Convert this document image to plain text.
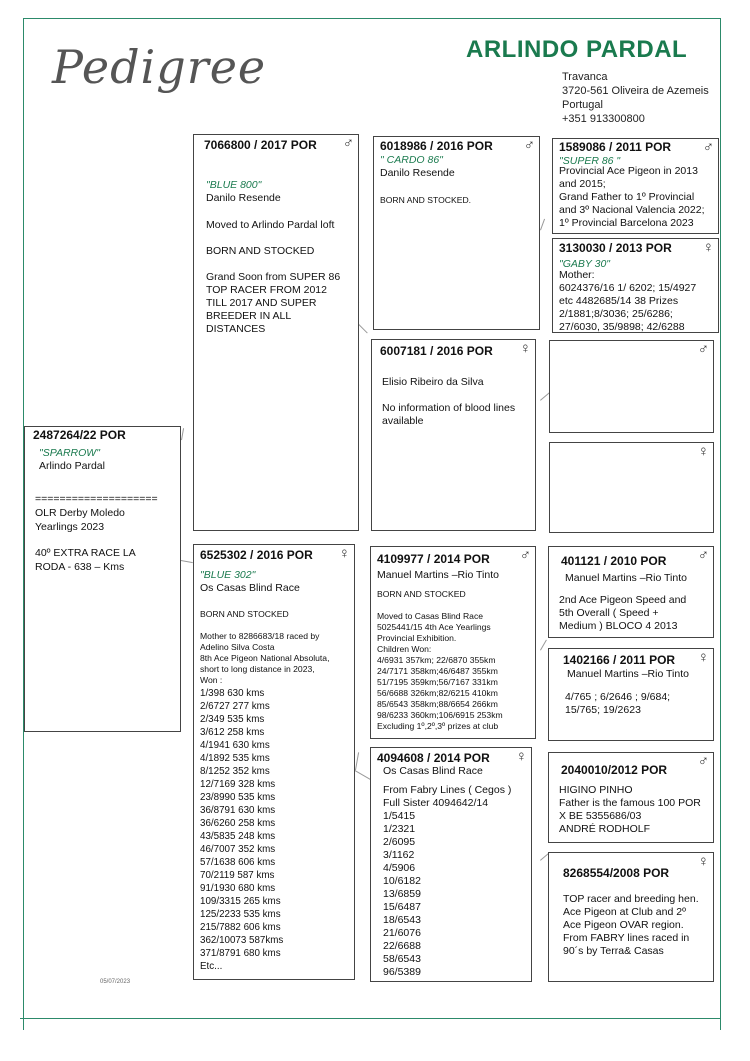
Pedigree	ARLINDO PARDAL
Travanca
3720-561 Oliveira de Azemeis
Portugal
+351 913300800
2487264/22 POR
"SPARROW"
Arlindo Pardal
====================
OLR Derby Moledo
Yearlings 2023
40º EXTRA RACE LA
RODA - 638 – Kms
7066800 / 2017 POR ♂
"BLUE 800"
Danilo Resende
Moved to Arlindo Pardal loft
BORN AND STOCKED
Grand Soon from SUPER 86
TOP RACER FROM 2012
TILL 2017 AND SUPER
BREEDER IN ALL
DISTANCES
6525302 / 2016 POR ♀
"BLUE 302"
Os Casas Blind Race
BORN AND STOCKED
Mother to 8286683/18 raced by
Adelino Silva Costa
8th Ace Pigeon National Absoluta,
short to long distance in 2023,
Won :
1/398 630 kms
2/6727 277 kms
2/349 535 kms
3/612 258 kms
4/1941 630 kms
4/1892 535 kms
8/1252 352 kms
12/7169 328 kms
23/8990 535 kms
36/8791 630 kms
36/6260 258 kms
43/5835 248 kms
46/7007 352 kms
57/1638 606 kms
70/2119 587 kms
91/1930 680 kms
109/3315 265 kms
125/2233 535 kms
215/7882 606 kms
362/10073 587kms
371/8791 680 kms
Etc...
6018986 / 2016 POR ♂
" CARDO 86"
Danilo Resende
BORN AND STOCKED.
6007181 / 2016 POR ♀
Elisio Ribeiro da Silva
No information of blood lines
available
4109977 / 2014 POR ♂
Manuel Martins –Rio Tinto
BORN AND STOCKED
Moved to Casas Blind Race
5025441/15 4th Ace Yearlings
Provincial Exhibition.
Children Won:
4/6931 357km; 22/6870 355km
24/7171 358km;46/6487 355km
51/7195 359km;56/7167 331km
56/6688 326km;82/6215 410km
85/6543 358km;88/6654 266km
98/6233 360km;106/6915 253km
Excluding 1º,2º,3º prizes at club
4094608 / 2014 POR ♀
Os Casas Blind Race
From Fabry Lines ( Cegos )
Full Sister 4094642/14
1/5415
1/2321
2/6095
3/1162
4/5906
10/6182
13/6859
15/6487
18/6543
21/6076
22/6688
58/6543
96/5389
1589086 / 2011 POR ♂
"SUPER 86 "
Provincial Ace Pigeon in 2013
and 2015;
Grand Father to 1º Provincial
and 3º Nacional Valencia 2022;
1º Provincial Barcelona 2023
3130030 / 2013 POR ♀
"GABY 30"
Mother:
6024376/16 1/ 6202; 15/4927
etc 4482685/14 38 Prizes
2/1881;8/3036; 25/6286;
27/6030, 35/9898; 42/6288
♂
♀
401121 / 2010 POR ♂
Manuel Martins –Rio Tinto
2nd Ace Pigeon Speed and
5th Overall ( Speed +
Medium ) BLOCO 4 2013
1402166 / 2011 POR ♀
Manuel Martins –Rio Tinto
4/765 ; 6/2646 ; 9/684;
15/765; 19/2623
2040010/2012 POR ♂
HIGINO PINHO
Father is the famous 100 POR
X BE 5355686/03
ANDRÉ RODHOLF
8268554/2008 POR
♀
TOP racer and breeding hen.
Ace Pigeon at Club and 2º
Ace Pigeon OVAR region.
From FABRY lines raced in
90´s by Terra& Casas
05/07/2023
